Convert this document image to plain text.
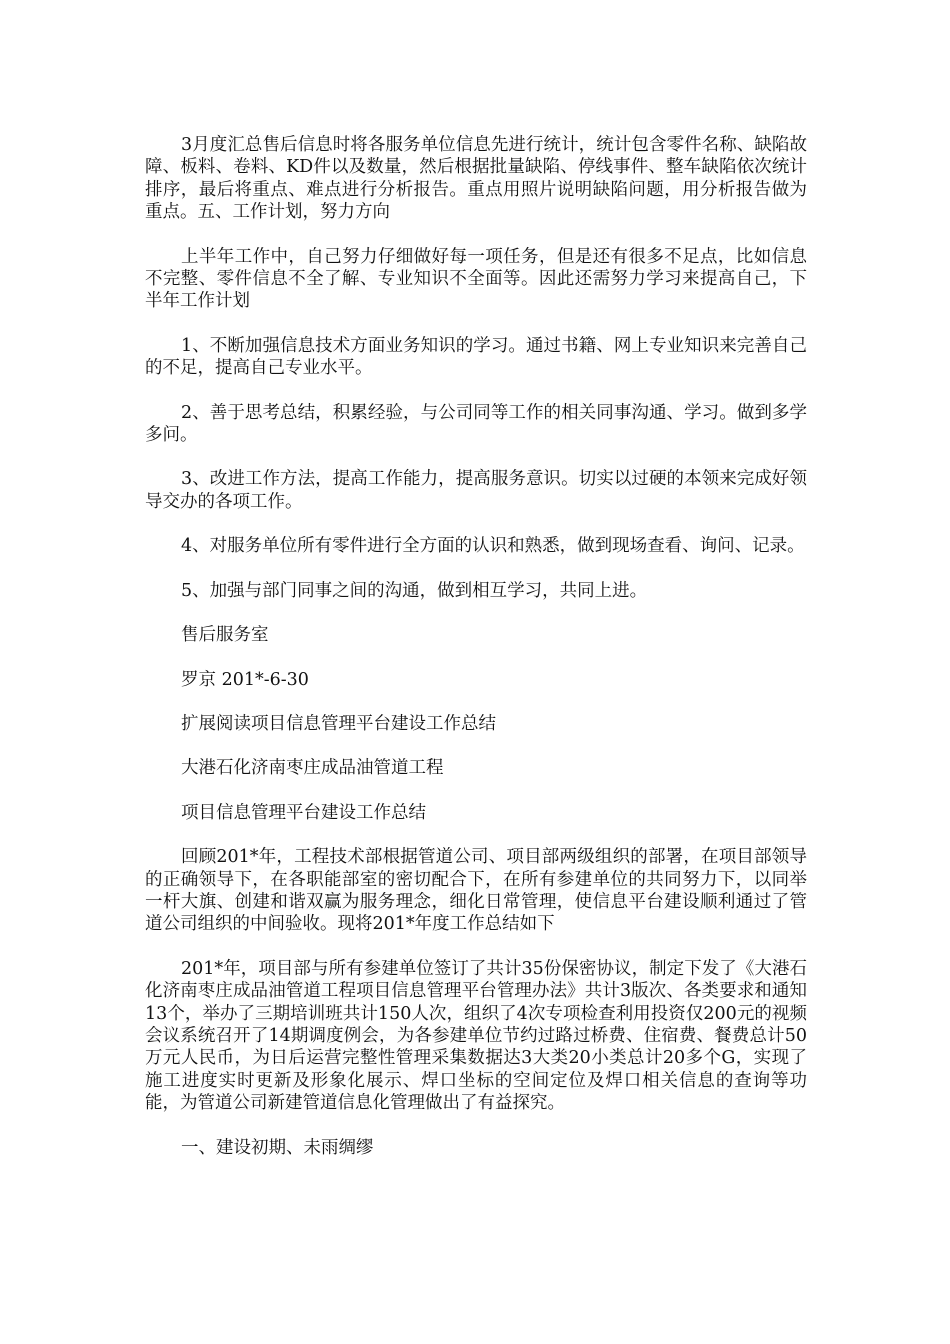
3月度汇总售后信息时将各服务单位信息先进行统计，统计包含零件名称、缺陷故障、板料、卷料、KD件以及数量，然后根据批量缺陷、停线事件、整车缺陷依次统计排序，最后将重点、难点进行分析报告。重点用照片说明缺陷问题，用分析报告做为重点。五、工作计划，努力方向

上半年工作中，自己努力仔细做好每一项任务，但是还有很多不足点，比如信息不完整、零件信息不全了解、专业知识不全面等。因此还需努力学习来提高自己，下半年工作计划

1、不断加强信息技术方面业务知识的学习。通过书籍、网上专业知识来完善自己的不足，提高自己专业水平。

2、善于思考总结，积累经验，与公司同等工作的相关同事沟通、学习。做到多学多问。

3、改进工作方法，提高工作能力，提高服务意识。切实以过硬的本领来完成好领导交办的各项工作。

4、对服务单位所有零件进行全方面的认识和熟悉，做到现场查看、询问、记录。

5、加强与部门同事之间的沟通，做到相互学习，共同上进。

售后服务室

罗京 201*-6-30

扩展阅读项目信息管理平台建设工作总结

大港石化济南枣庄成品油管道工程

项目信息管理平台建设工作总结

回顾201*年，工程技术部根据管道公司、项目部两级组织的部署，在项目部领导的正确领导下，在各职能部室的密切配合下，在所有参建单位的共同努力下，以同举一杆大旗、创建和谐双赢为服务理念，细化日常管理，使信息平台建设顺利通过了管道公司组织的中间验收。现将201*年度工作总结如下

201*年，项目部与所有参建单位签订了共计35份保密协议，制定下发了《大港石化济南枣庄成品油管道工程项目信息管理平台管理办法》共计3版次、各类要求和通知13个，举办了三期培训班共计150人次，组织了4次专项检查利用投资仅200元的视频会议系统召开了14期调度例会，为各参建单位节约过路过桥费、住宿费、餐费总计50万元人民币，为日后运营完整性管理采集数据达3大类20小类总计20多个G，实现了施工进度实时更新及形象化展示、焊口坐标的空间定位及焊口相关信息的查询等功能，为管道公司新建管道信息化管理做出了有益探究。

一、建设初期、未雨绸缪
